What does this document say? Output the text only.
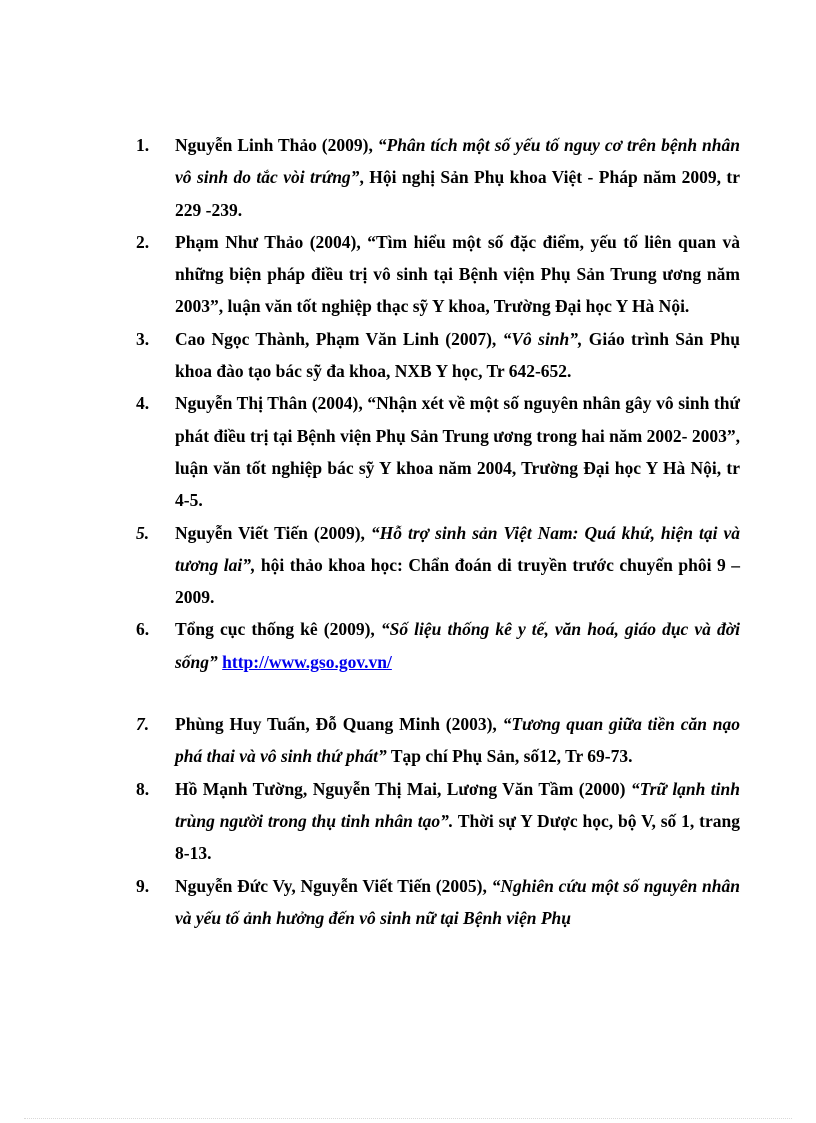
1. Nguyễn Linh Thảo (2009), “Phân tích một số yếu tố nguy cơ trên bệnh nhân vô sinh do tắc vòi trứng”, Hội nghị Sản Phụ khoa Việt - Pháp năm 2009, tr 229 -239.
2. Phạm Như Thảo (2004), “Tìm hiểu một số đặc điểm, yếu tố liên quan và những biện pháp điều trị vô sinh tại Bệnh viện Phụ Sản Trung ương năm 2003”, luận văn tốt nghiệp thạc sỹ Y khoa, Trường Đại học Y Hà Nội.
3. Cao Ngọc Thành, Phạm Văn Linh (2007), “Vô sinh”, Giáo trình Sản Phụ khoa đào tạo bác sỹ đa khoa, NXB Y học, Tr 642-652.
4. Nguyễn Thị Thân (2004), “Nhận xét về một số nguyên nhân gây vô sinh thứ phát điều trị tại Bệnh viện Phụ Sản Trung ương trong hai năm 2002- 2003”, luận văn tốt nghiệp bác sỹ Y khoa năm 2004, Trường Đại học Y Hà Nội, tr 4-5.
5. Nguyễn Viết Tiến (2009), “Hỗ trợ sinh sản Việt Nam: Quá khứ, hiện tại và tương lai”, hội thảo khoa học: Chẩn đoán di truyền trước chuyển phôi 9 – 2009.
6. Tổng cục thống kê (2009), “Số liệu thống kê y tế, văn hoá, giáo dục và đời sống” http://www.gso.gov.vn/
7. Phùng Huy Tuấn, Đỗ Quang Minh (2003), “Tương quan giữa tiền căn nạo phá thai và vô sinh thứ phát” Tạp chí Phụ Sản, số12, Tr 69-73.
8. Hồ Mạnh Tường, Nguyễn Thị Mai, Lương Văn Tầm (2000) “Trữ lạnh tinh trùng người trong thụ tinh nhân tạo”. Thời sự Y Dược học, bộ V, số 1, trang 8-13.
9. Nguyễn Đức Vy, Nguyễn Viết Tiến (2005), “Nghiên cứu một số nguyên nhân và yếu tố ảnh hưởng đến vô sinh nữ tại Bệnh viện Phụ
